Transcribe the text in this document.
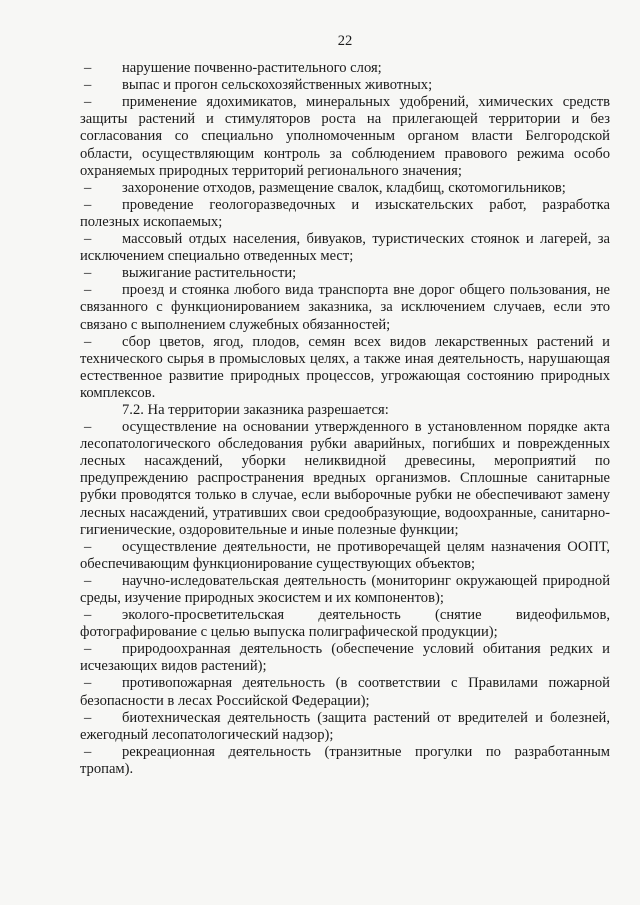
22

– нарушение почвенно-растительного слоя;

– выпас и прогон сельскохозяйственных животных;

– применение ядохимикатов, минеральных удобрений, химических средств защиты растений и стимуляторов роста на прилегающей территории и без согласования со специально уполномоченным органом власти Белгородской области, осуществляющим контроль за соблюдением правового режима особо охраняемых природных территорий регионального значения;

– захоронение отходов, размещение свалок, кладбищ, скотомогильников;

– проведение геологоразведочных и изыскательских работ, разработка полезных ископаемых;

– массовый отдых населения, бивуаков, туристических стоянок и лагерей, за исключением специально отведенных мест;

– выжигание растительности;

– проезд и стоянка любого вида транспорта вне дорог общего пользования, не связанного с функционированием заказника, за исключением случаев, если это связано с выполнением служебных обязанностей;

– сбор цветов, ягод, плодов, семян всех видов лекарственных растений и технического сырья в промысловых целях, а также иная деятельность, нарушающая естественное развитие природных процессов, угрожающая состоянию природных комплексов.

7.2. На территории заказника разрешается:

– осуществление на основании утвержденного в установленном порядке акта лесопатологического обследования рубки аварийных, погибших и поврежденных лесных насаждений, уборки неликвидной древесины, мероприятий по предупреждению распространения вредных организмов. Сплошные санитарные рубки проводятся только в случае, если выборочные рубки не обеспечивают замену лесных насаждений, утративших свои средообразующие, водоохранные, санитарно-гигиенические, оздоровительные и иные полезные функции;

– осуществление деятельности, не противоречащей целям назначения ООПТ, обеспечивающим функционирование существующих объектов;

– научно-иследовательская деятельность (мониторинг окружающей природной среды, изучение природных экосистем и их компонентов);

– эколого-просветительская деятельность (снятие видеофильмов, фотографирование с целью выпуска полиграфической продукции);

– природоохранная деятельность (обеспечение условий обитания редких и исчезающих видов растений);

– противопожарная деятельность (в соответствии с Правилами пожарной безопасности в лесах Российской Федерации);

– биотехническая деятельность (защита растений от вредителей и болезней, ежегодный лесопатологический надзор);

– рекреационная деятельность (транзитные прогулки по разработанным тропам).
